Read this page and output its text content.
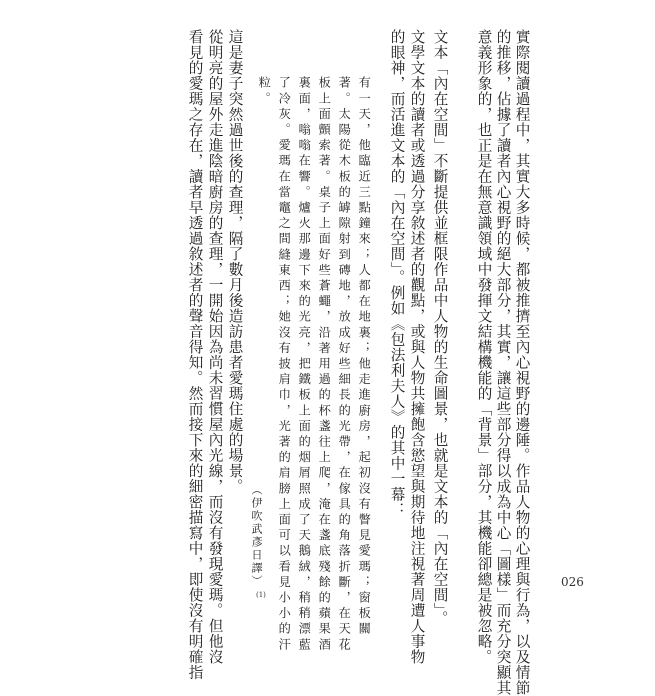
實際閱讀過程中，其實大多時候，都被推擠至內心視野的邊陲。作品人物的心理與行為，以及情節
的推移，佔據了讀者內心視野的絕大部分，其實，讓這些部分得以成為中心「圖樣」而充分突顯其
意義形象的，也正是在無意識領域中發揮文結構機能的「背景」部分，其機能卻總是被忽略。
文本「內在空間」不斷提供並框限作品中人物的生命圖景，也就是文本的「內在空間」。
文學文本的讀者或透過分享敘述者的觀點，或與人物共擁飽含慾望與期待地注視著周遭人事物
的眼神，而活進文本的「內在空間」。例如《包法利夫人》的其中一幕：
有一天，他臨近三點鐘來；人都在地裏；他走進廚房，起初沒有瞥見愛瑪；窗板關
著。太陽從木板的罅隙射到磚地，放成好些細長的光帶，在傢具的角落折斷，在天花
板上面顫索著。桌子上面好些蒼蠅，沿著用過的杯盞往上爬，淹在盞底殘餘的蘋果酒
裏面，嗡嗡在響。爐火那邊下來的光亮，把鐵板上面的烟屑照成了天鵝絨，稍稍漂藍
了冷灰。愛瑪在當竈之間縫東西；她沒有披肩巾，光著的肩膀上面可以看見小小的汗
粒。
（伊吹武彥日譯）
(1)
這是妻子突然過世後的查理，隔了數月後造訪患者愛瑪住處的場景。
從明亮的屋外走進陰暗廚房的查理，一開始因為尚未習慣屋內光線，而沒有發現愛瑪。但他沒
看見的愛瑪之存在，讀者早透過敘述者的聲音得知。然而接下來的細密描寫中，即使沒有明確指	026
